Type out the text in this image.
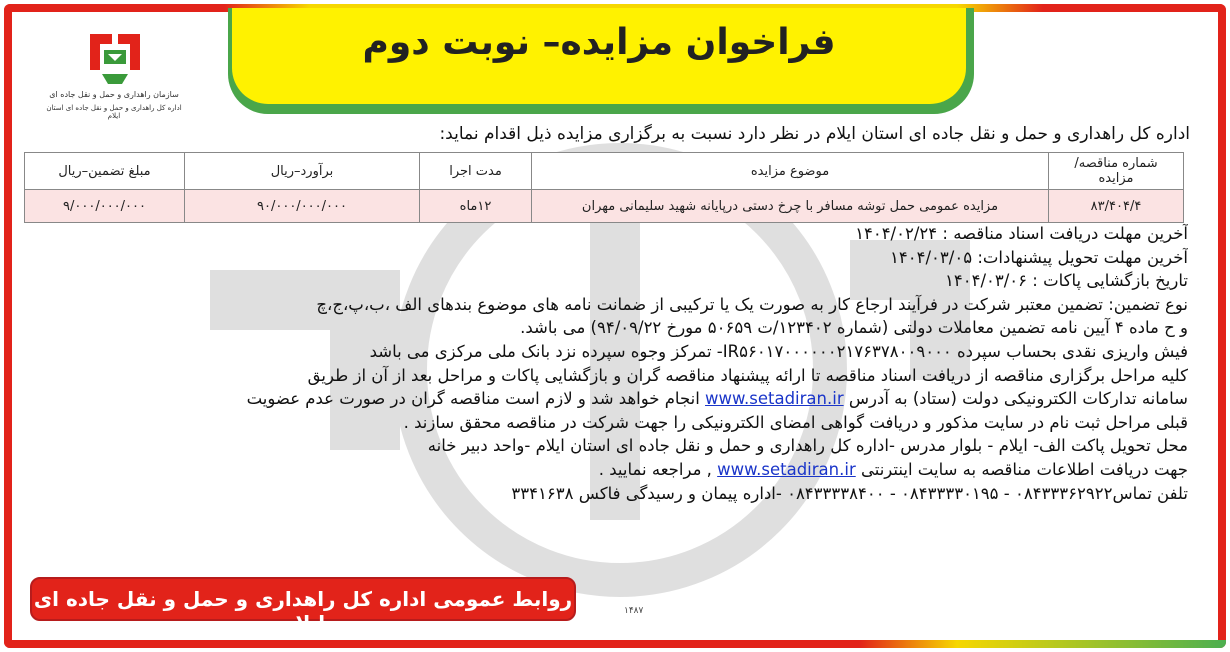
فراخوان مزایده– نوبت دوم
سازمان راهداری و حمل و نقل جاده ای
اداره کل راهداری و حمل و نقل جاده ای استان ایلام
اداره کل راهداری و حمل و نقل جاده ای استان ایلام در نظر دارد نسبت به برگزاری مزایده ذیل اقدام نماید:
شماره مناقصه/مزایده	موضوع مزایده	مدت اجرا	برآورد–ریال	مبلغ تضمین–ریال
۸۳/۴۰۴/۴	مزایده عمومی حمل توشه مسافر با چرخ دستی درپایانه شهید سلیمانی مهران	۱۲ماه	۹۰/۰۰۰/۰۰۰/۰۰۰	۹/۰۰۰/۰۰۰/۰۰۰
آخرین مهلت دریافت اسناد مناقصه : ۱۴۰۴/۰۲/۲۴
آخرین مهلت تحویل پیشنهادات: ۱۴۰۴/۰۳/۰۵
تاریخ بازگشایی پاکات : ۱۴۰۴/۰۳/۰۶
نوع تضمین: تضمین معتبر شرکت در فرآیند ارجاع کار به صورت یک یا ترکیبی از ضمانت نامه های موضوع بندهای الف ،ب،پ،ج،چ
و ح ماده ۴ آیین نامه تضمین معاملات دولتی (شماره ۱۲۳۴۰۲/ت ۵۰۶۵۹ مورخ ۹۴/۰۹/۲۲) می باشد.
فیش واریزی نقدی بحساب سپرده IR۵۶۰۱۷۰۰۰۰۰۰۲۱۷۶۳۷۸۰۰۹۰۰۰- تمرکز وجوه سپرده نزد بانک ملی مرکزی می باشد
کلیه مراحل برگزاری مناقصه از دریافت اسناد مناقصه تا ارائه پیشنهاد مناقصه گران و بازگشایی پاکات و مراحل بعد از آن از طریق
سامانه تدارکات الکترونیکی دولت (ستاد) به آدرس www.setadiran.ir انجام خواهد شد و لازم است مناقصه گران در صورت عدم عضویت
قبلی مراحل ثبت نام در سایت مذکور و دریافت گواهی امضای الکترونیکی را جهت شرکت در مناقصه محقق سازند .
محل تحویل پاکت الف- ایلام - بلوار مدرس -اداره کل راهداری و حمل و نقل جاده ای استان ایلام -واحد دبیر خانه
جهت دریافت اطلاعات مناقصه به سایت اینترنتی www.setadiran.ir , مراجعه نمایید .
تلفن تماس۰۸۴۳۳۳۶۲۹۲۲ - ۰۸۴۳۳۳۳۰۱۹۵ - ۰۸۴۳۳۳۳۸۴۰۰ -اداره پیمان و رسیدگی فاکس ۳۳۴۱۶۳۸
روابط عمومی اداره کل راهداری و حمل و نقل جاده ای ایلام	۱۴۸۷
